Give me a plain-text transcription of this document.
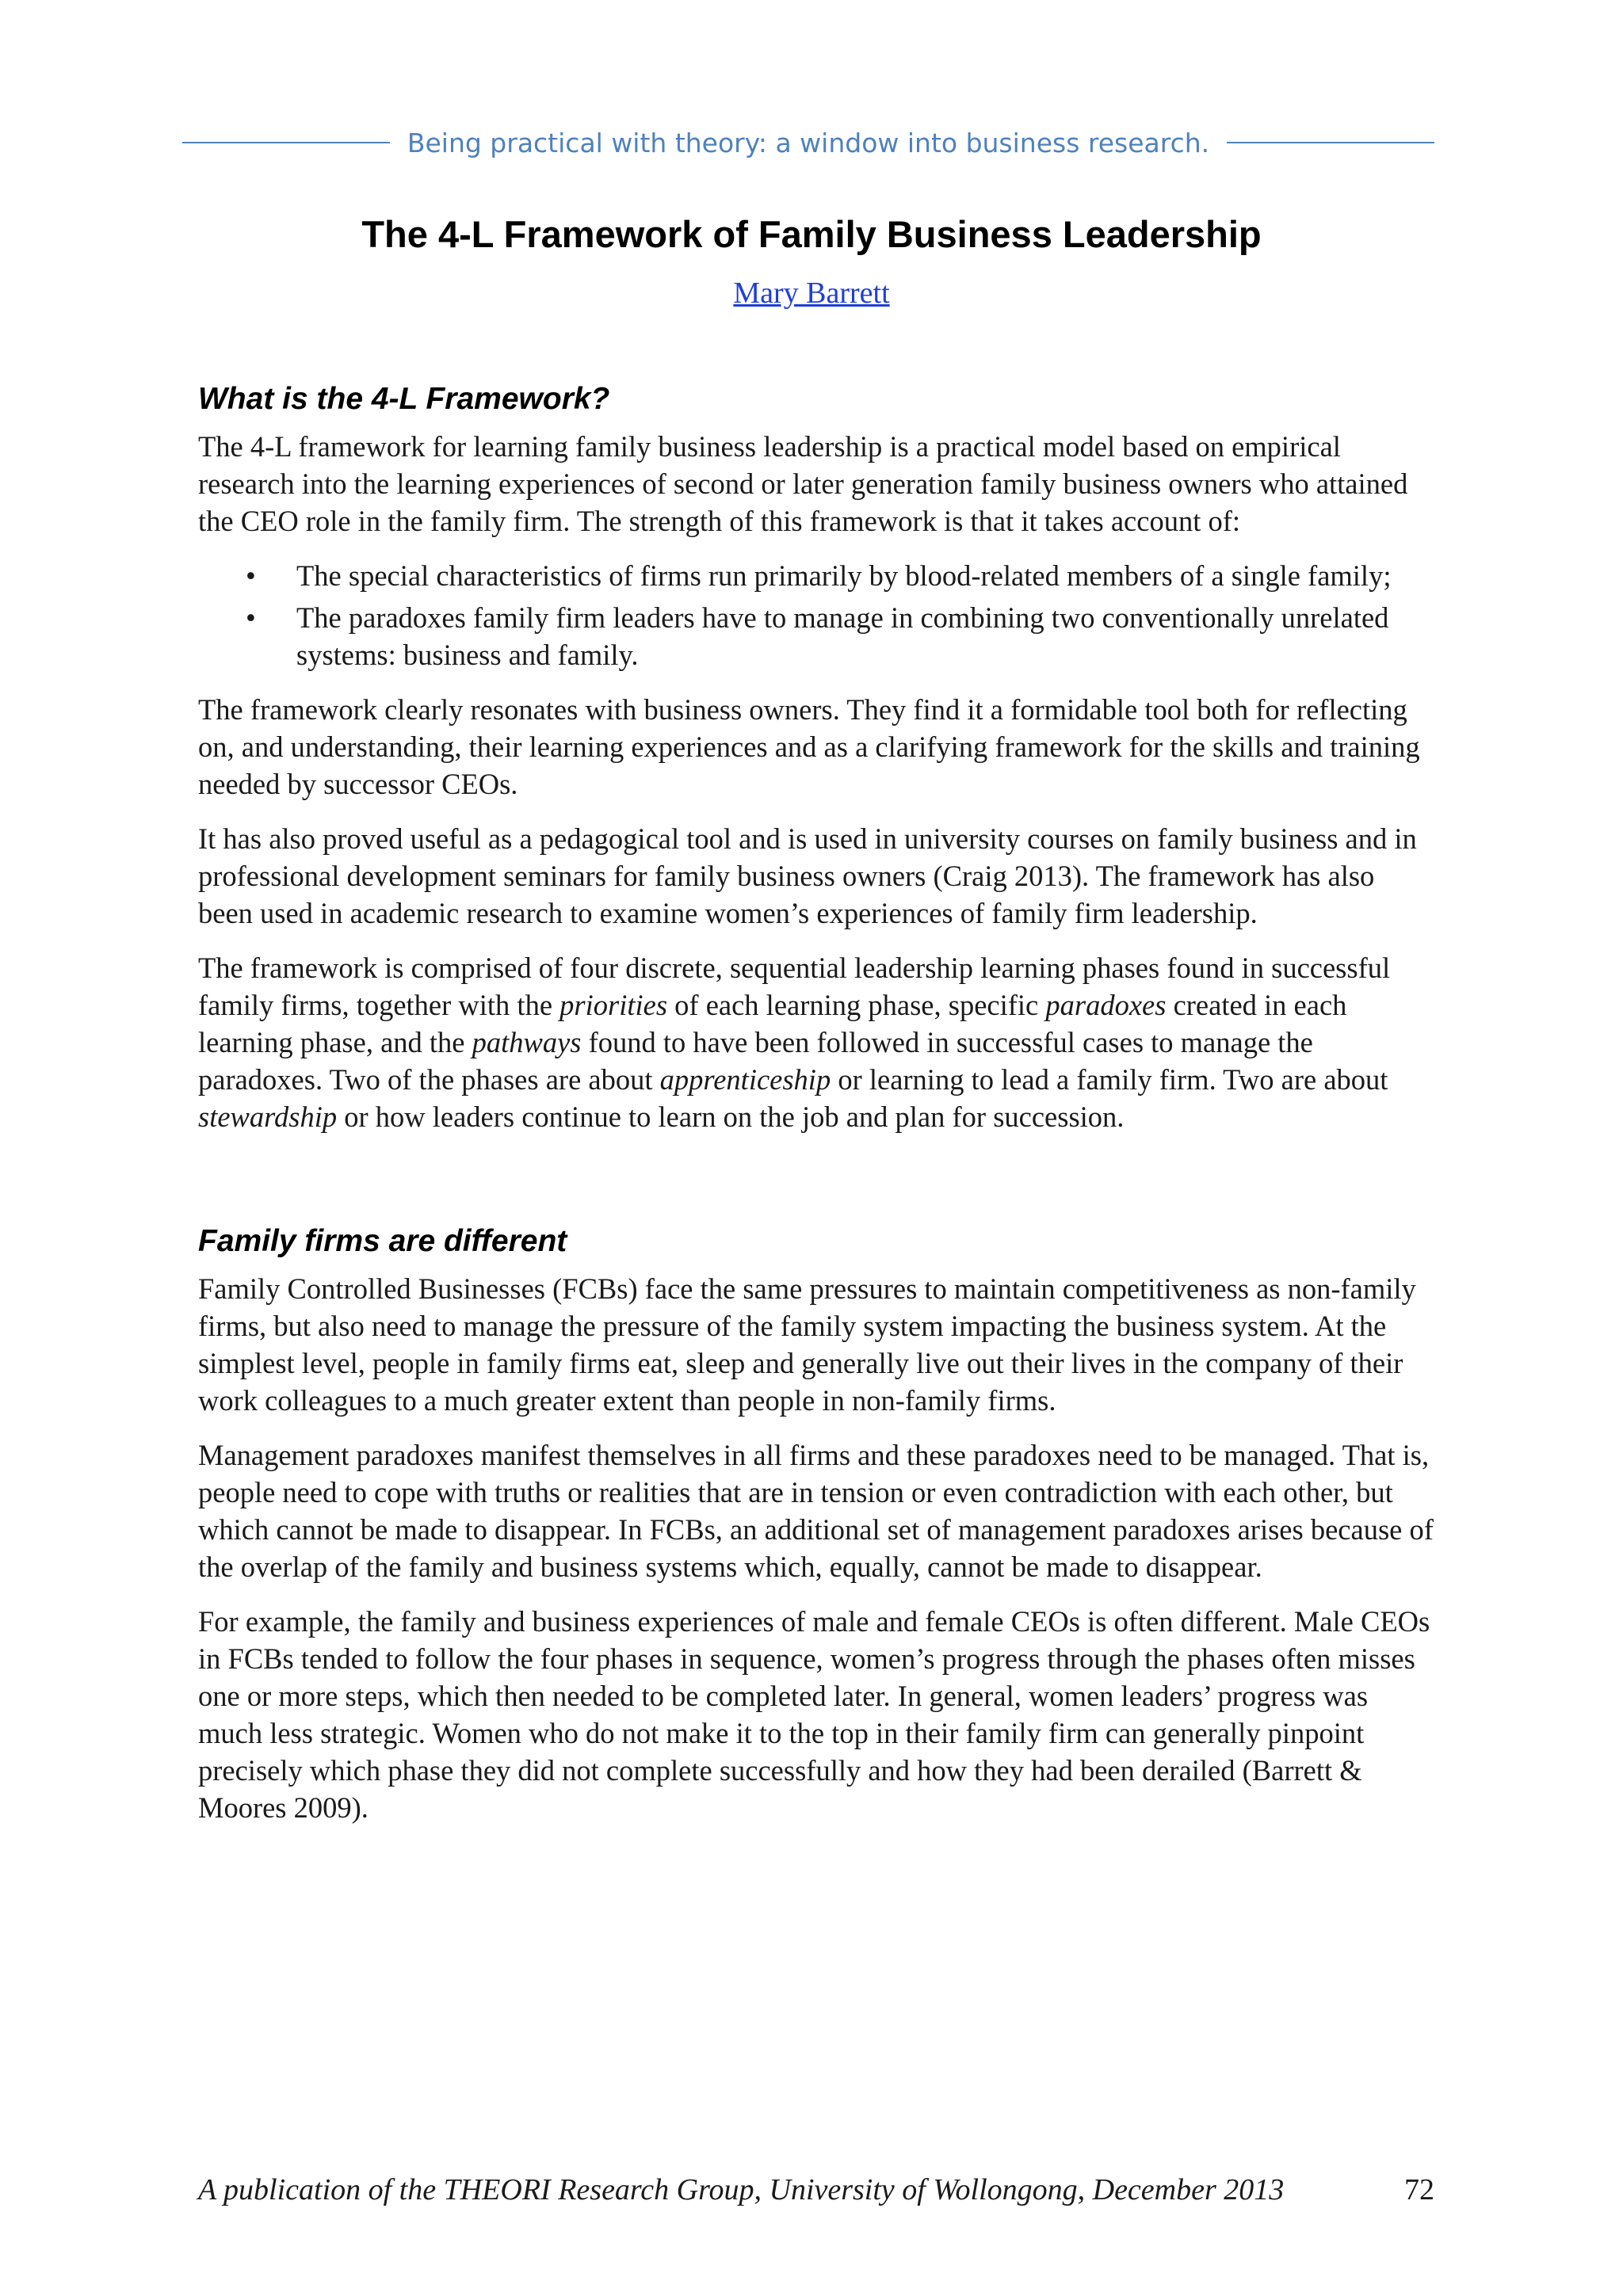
Being practical with theory: a window into business research.
The 4-L Framework of Family Business Leadership
Mary Barrett
What is the 4-L Framework?

The 4-L framework for learning family business leadership is a practical model based on empirical research into the learning experiences of second or later generation family business owners who attained the CEO role in the family firm. The strength of this framework is that it takes account of:

• The special characteristics of firms run primarily by blood-related members of a single family;
• The paradoxes family firm leaders have to manage in combining two conventionally unrelated systems: business and family.

The framework clearly resonates with business owners. They find it a formidable tool both for reflecting on, and understanding, their learning experiences and as a clarifying framework for the skills and training needed by successor CEOs.

It has also proved useful as a pedagogical tool and is used in university courses on family business and in professional development seminars for family business owners (Craig 2013). The framework has also been used in academic research to examine women’s experiences of family firm leadership.

The framework is comprised of four discrete, sequential leadership learning phases found in successful family firms, together with the priorities of each learning phase, specific paradoxes created in each learning phase, and the pathways found to have been followed in successful cases to manage the paradoxes. Two of the phases are about apprenticeship or learning to lead a family firm. Two are about stewardship or how leaders continue to learn on the job and plan for succession.

Family firms are different

Family Controlled Businesses (FCBs) face the same pressures to maintain competitiveness as non-family firms, but also need to manage the pressure of the family system impacting the business system. At the simplest level, people in family firms eat, sleep and generally live out their lives in the company of their work colleagues to a much greater extent than people in non-family firms.

Management paradoxes manifest themselves in all firms and these paradoxes need to be managed. That is, people need to cope with truths or realities that are in tension or even contradiction with each other, but which cannot be made to disappear. In FCBs, an additional set of management paradoxes arises because of the overlap of the family and business systems which, equally, cannot be made to disappear.

For example, the family and business experiences of male and female CEOs is often different. Male CEOs in FCBs tended to follow the four phases in sequence, women’s progress through the phases often misses one or more steps, which then needed to be completed later. In general, women leaders’ progress was much less strategic. Women who do not make it to the top in their family firm can generally pinpoint precisely which phase they did not complete successfully and how they had been derailed (Barrett & Moores 2009).

A publication of the THEORI Research Group, University of Wollongong, December 2013	72
